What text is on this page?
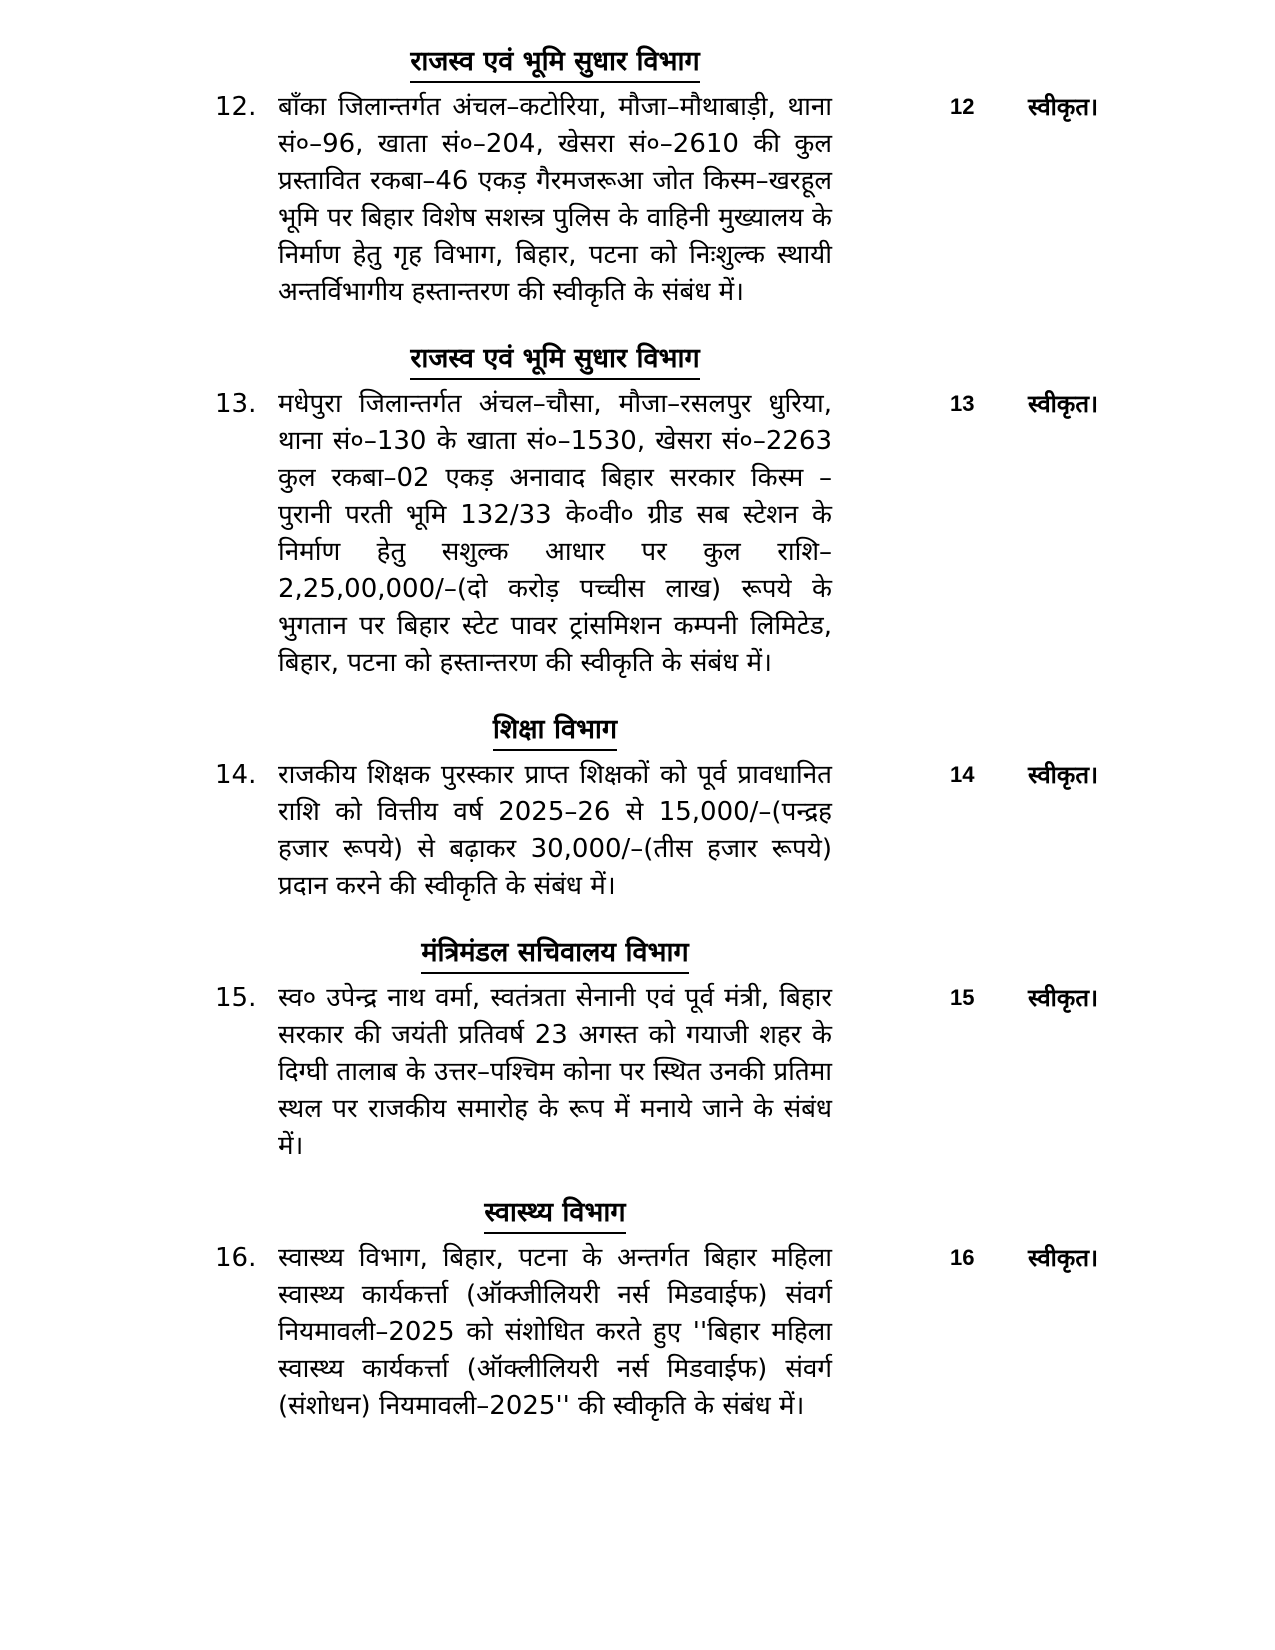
राजस्व एवं भूमि सुधार विभाग
12. बाँका जिलान्तर्गत अंचल–कटोरिया, मौजा–मौथाबाड़ी, थाना सं०–96, खाता सं०–204, खेसरा सं०–2610 की कुल प्रस्तावित रकबा–46 एकड़ गैरमजरूआ जोत किस्म–खरहूल भूमि पर बिहार विशेष सशस्त्र पुलिस के वाहिनी मुख्यालय के निर्माण हेतु गृह विभाग, बिहार, पटना को निःशुल्क स्थायी अन्तर्विभागीय हस्तान्तरण की स्वीकृति के संबंध में।
12	स्वीकृत।
राजस्व एवं भूमि सुधार विभाग
13. मधेपुरा जिलान्तर्गत अंचल–चौसा, मौजा–रसलपुर धुरिया, थाना सं०–130 के खाता सं०–1530, खेसरा सं०–2263 कुल रकबा–02 एकड़ अनावाद बिहार सरकार किस्म –पुरानी परती भूमि 132/33 के०वी० ग्रीड सब स्टेशन के निर्माण हेतु सशुल्क आधार पर कुल राशि– 2,25,00,000/–(दो करोड़ पच्चीस लाख) रूपये के भुगतान पर बिहार स्टेट पावर ट्रांसमिशन कम्पनी लिमिटेड, बिहार, पटना को हस्तान्तरण की स्वीकृति के संबंध में।
13	स्वीकृत।
शिक्षा विभाग
14. राजकीय शिक्षक पुरस्कार प्राप्त शिक्षकों को पूर्व प्रावधानित राशि को वित्तीय वर्ष 2025–26 से 15,000/–(पन्द्रह हजार रूपये) से बढ़ाकर 30,000/–(तीस हजार रूपये) प्रदान करने की स्वीकृति के संबंध में।
14	स्वीकृत।
मंत्रिमंडल सचिवालय विभाग
15. स्व० उपेन्द्र नाथ वर्मा, स्वतंत्रता सेनानी एवं पूर्व मंत्री, बिहार सरकार की जयंती प्रतिवर्ष 23 अगस्त को गयाजी शहर के दिग्घी तालाब के उत्तर–पश्चिम कोना पर स्थित उनकी प्रतिमा स्थल पर राजकीय समारोह के रूप में मनाये जाने के संबंध में।
15	स्वीकृत।
स्वास्थ्य विभाग
16. स्वास्थ्य विभाग, बिहार, पटना के अन्तर्गत बिहार महिला स्वास्थ्य कार्यकर्त्ता (ऑक्जीलियरी नर्स मिडवाईफ) संवर्ग नियमावली–2025 को संशोधित करते हुए ''बिहार महिला स्वास्थ्य कार्यकर्त्ता (ऑक्लीलियरी नर्स मिडवाईफ) संवर्ग (संशोधन) नियमावली–2025'' की स्वीकृति के संबंध में।
16	स्वीकृत।
